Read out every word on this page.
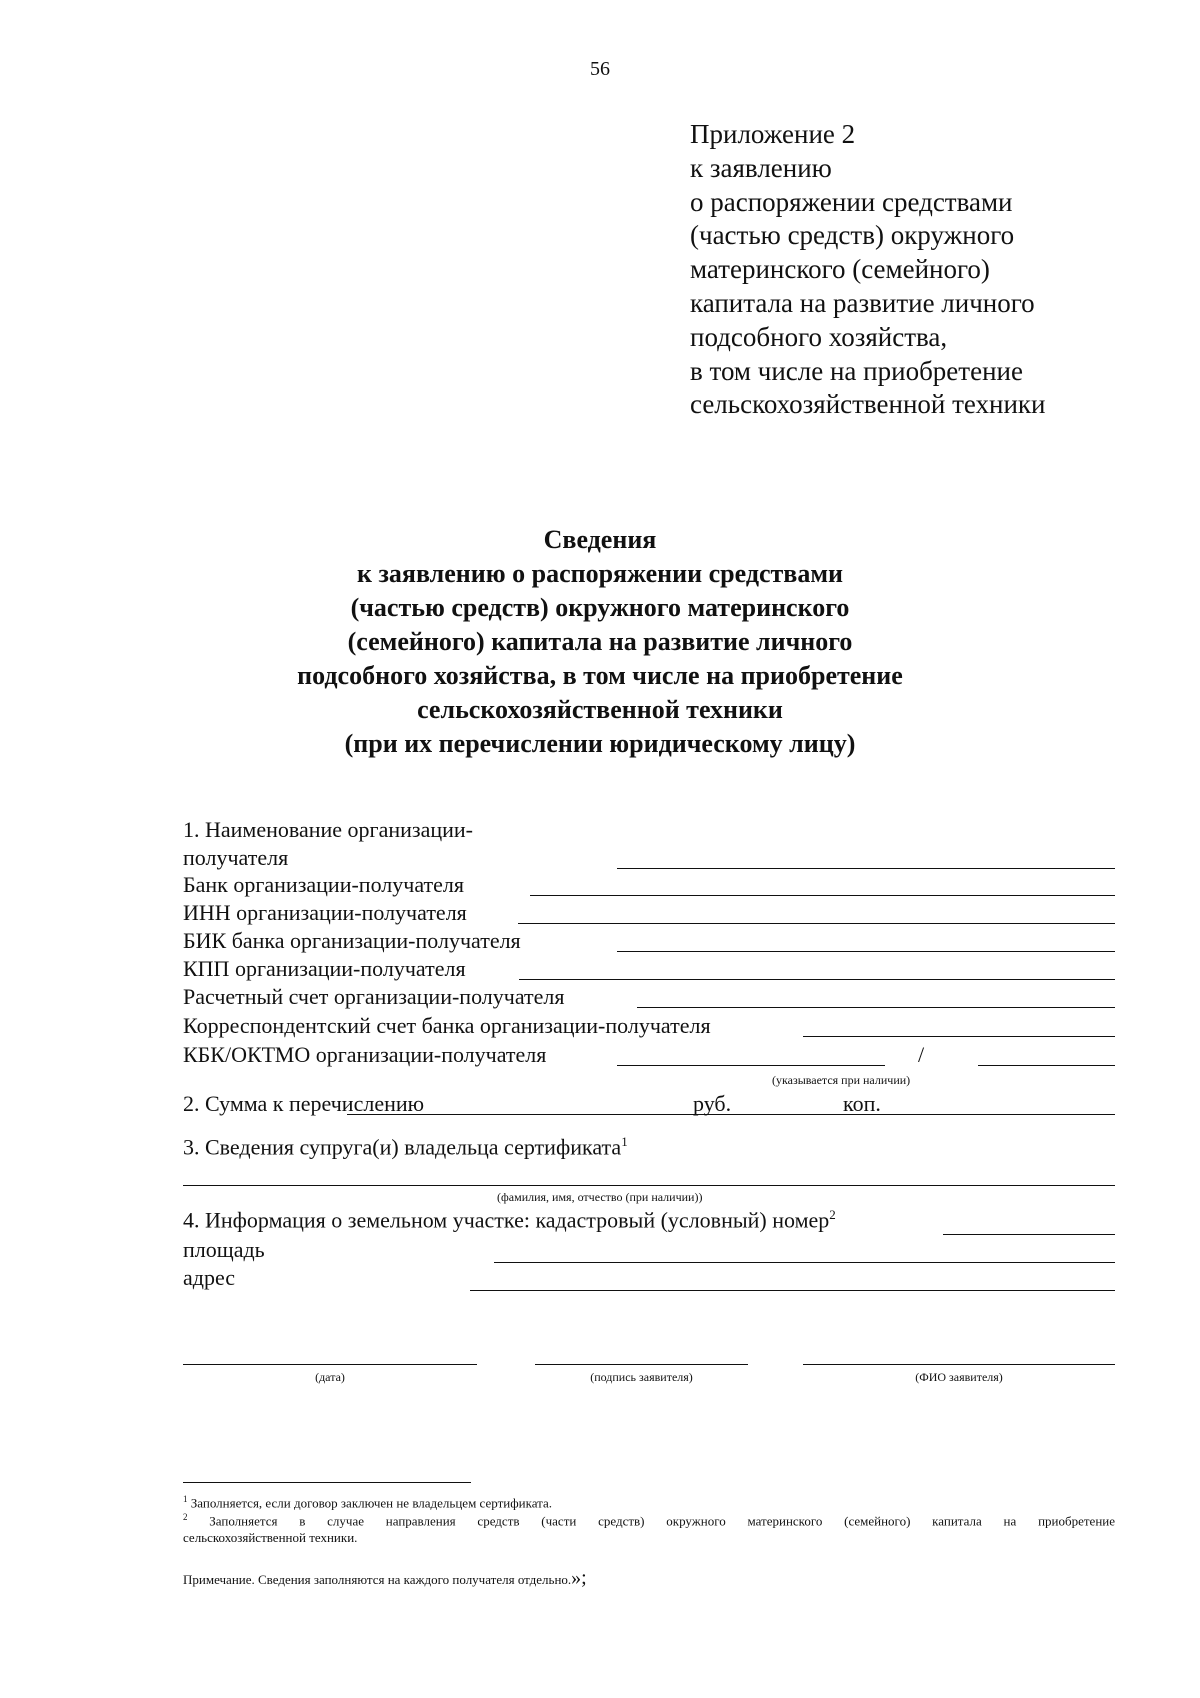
56
Приложение 2
к заявлению
о распоряжении средствами
(частью средств) окружного
материнского (семейного)
капитала на развитие личного
подсобного хозяйства,
в том числе на приобретение
сельскохозяйственной техники
Сведения
к заявлению о распоряжении средствами
(частью средств) окружного материнского
(семейного) капитала на развитие личного
подсобного хозяйства, в том числе на приобретение
сельскохозяйственной техники
(при их перечислении юридическому лицу)
1. Наименование организации-
получателя
Банк организации-получателя
ИНН организации-получателя
БИК банка организации-получателя
КПП организации-получателя
Расчетный счет организации-получателя
Корреспондентский счет банка организации-получателя
КБК/ОКТМО организации-получателя	/
(указывается при наличии)
2. Сумма к перечислению	руб.	коп.
3. Сведения супруга(и) владельца сертификата$^1$
(фамилия, имя, отчество (при наличии))
4. Информация о земельном участке: кадастровый (условный) номер$^2$
площадь
адрес
(дата)	(подпись заявителя)	(ФИО заявителя)
$^1$ Заполняется, если договор заключен не владельцем сертификата.
$^2$ Заполняется в случае направления средств (части средств) окружного материнского (семейного) капитала на приобретение
сельскохозяйственной техники.
Примечание. Сведения заполняются на каждого получателя отдельно.»;
